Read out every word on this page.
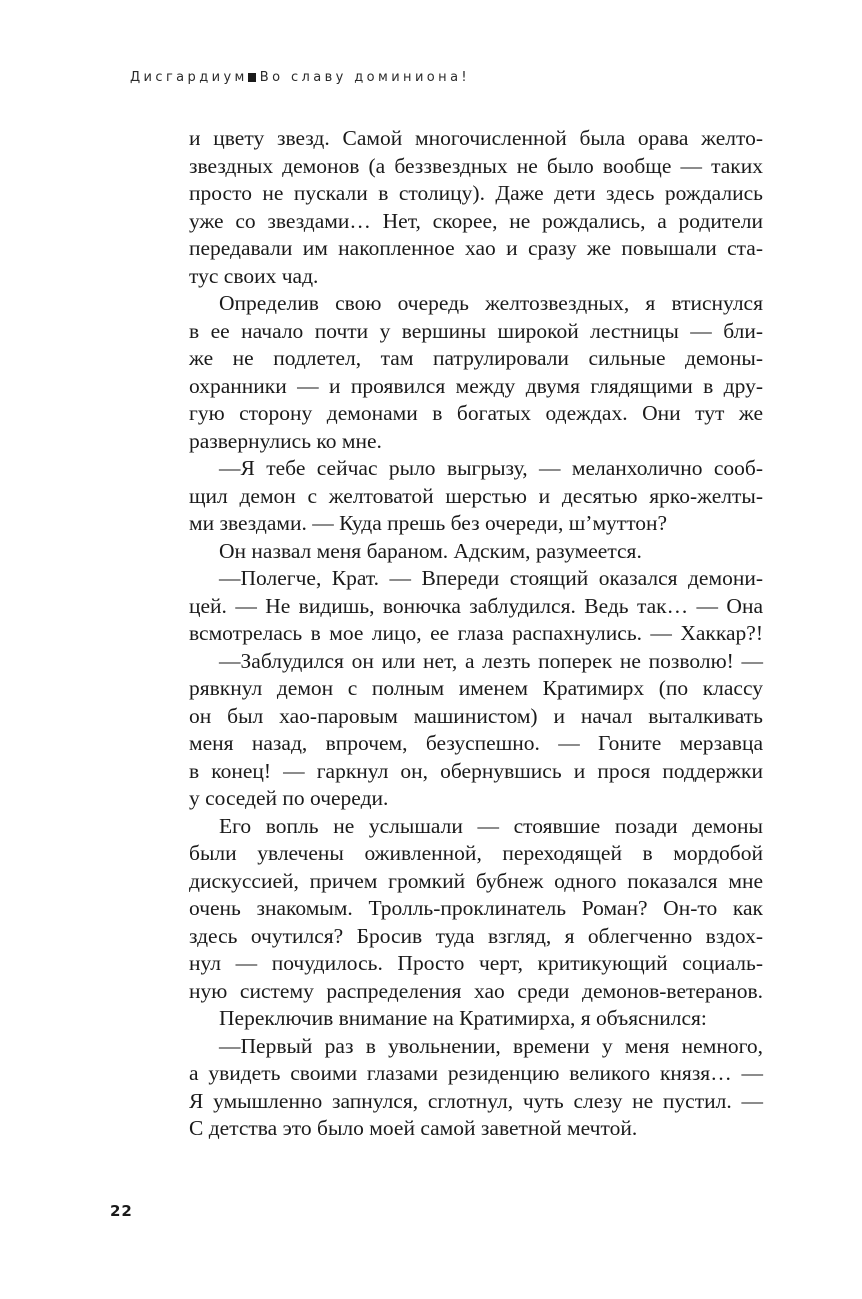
Дисгардиум Во славу доминиона!
и цвету звезд. Самой многочисленной была орава желто-
звездных демонов (а беззвездных не было вообще — таких
просто не пускали в столицу). Даже дети здесь рождались
уже со звездами… Нет, скорее, не рождались, а родители
передавали им накопленное хао и сразу же повышали ста-
тус своих чад.
Определив свою очередь желтозвездных, я втиснулся
в ее начало почти у вершины широкой лестницы — бли-
же не подлетел, там патрулировали сильные демоны-
охранники — и проявился между двумя глядящими в дру-
гую сторону демонами в богатых одеждах. Они тут же
развернулись ко мне.
—Я тебе сейчас рыло выгрызу, — меланхолично сооб-
щил демон с желтоватой шерстью и десятью ярко-желты-
ми звездами. — Куда прешь без очереди, ш’муттон?
Он назвал меня бараном. Адским, разумеется.
—Полегче, Крат. — Впереди стоящий оказался демони-
цей. — Не видишь, вонючка заблудился. Ведь так… — Она
всмотрелась в мое лицо, ее глаза распахнулись. — Хаккар?!
—Заблудился он или нет, а лезть поперек не позволю! —
рявкнул демон с полным именем Кратимирх (по классу
он был хао-паровым машинистом) и начал выталкивать
меня назад, впрочем, безуспешно. — Гоните мерзавца
в конец! — гаркнул он, обернувшись и прося поддержки
у соседей по очереди.
Его вопль не услышали — стоявшие позади демоны
были увлечены оживленной, переходящей в мордобой
дискуссией, причем громкий бубнеж одного показался мне
очень знакомым. Тролль-проклинатель Роман? Он-то как
здесь очутился? Бросив туда взгляд, я облегченно вздох-
нул — почудилось. Просто черт, критикующий социаль-
ную систему распределения хао среди демонов-ветеранов.
Переключив внимание на Кратимирха, я объяснился:
—Первый раз в увольнении, времени у меня немного,
а увидеть своими глазами резиденцию великого князя… —
Я умышленно запнулся, сглотнул, чуть слезу не пустил. —
С детства это было моей самой заветной мечтой.
22
